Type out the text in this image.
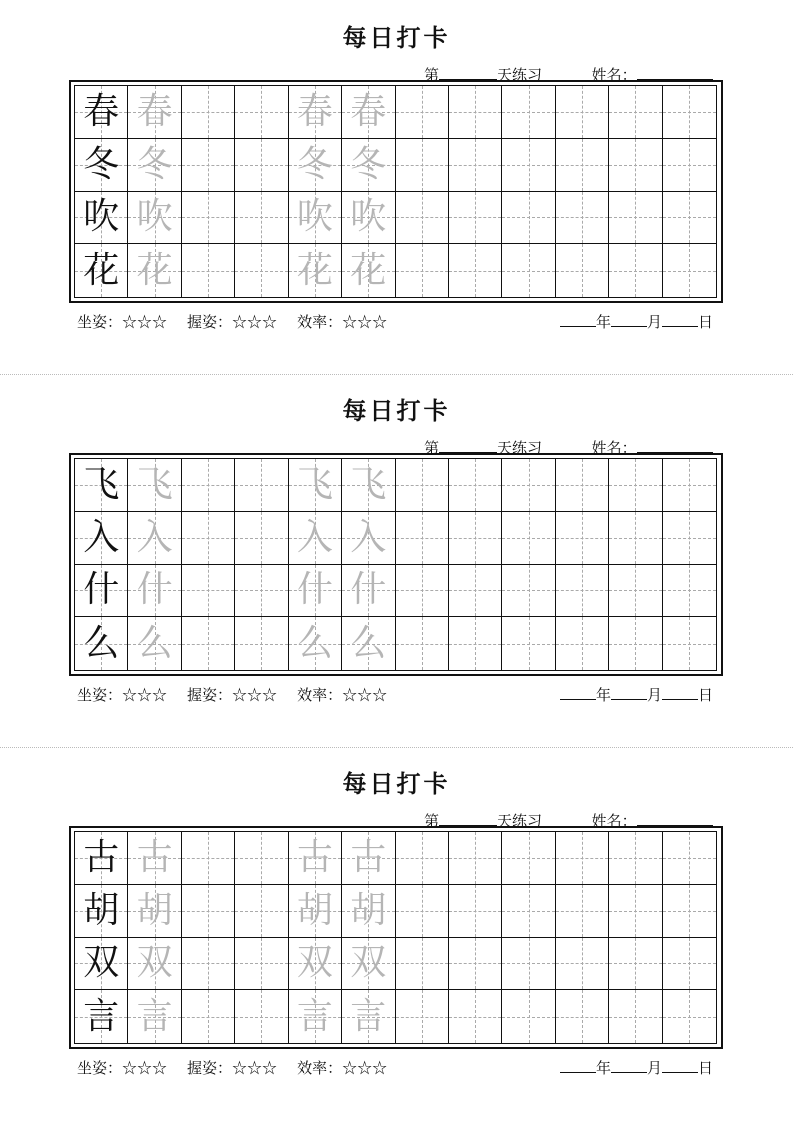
每日打卡
第	天练习	姓名：
春 春	春 春
冬 冬	冬 冬
吹 吹	吹 吹
花 花	花 花
坐姿：☆☆☆ 握姿：☆☆☆ 效率：☆☆☆	年 月 日
每日打卡
第	天练习	姓名：
飞 飞	飞 飞
入 入	入 入
什 什	什 什
么 么	么 么
坐姿：☆☆☆ 握姿：☆☆☆ 效率：☆☆☆	年 月 日
每日打卡
第	天练习	姓名：
古 古	古 古
胡 胡	胡 胡
双 双	双 双
言 言	言 言
坐姿：☆☆☆ 握姿：☆☆☆ 效率：☆☆☆	年 月 日
